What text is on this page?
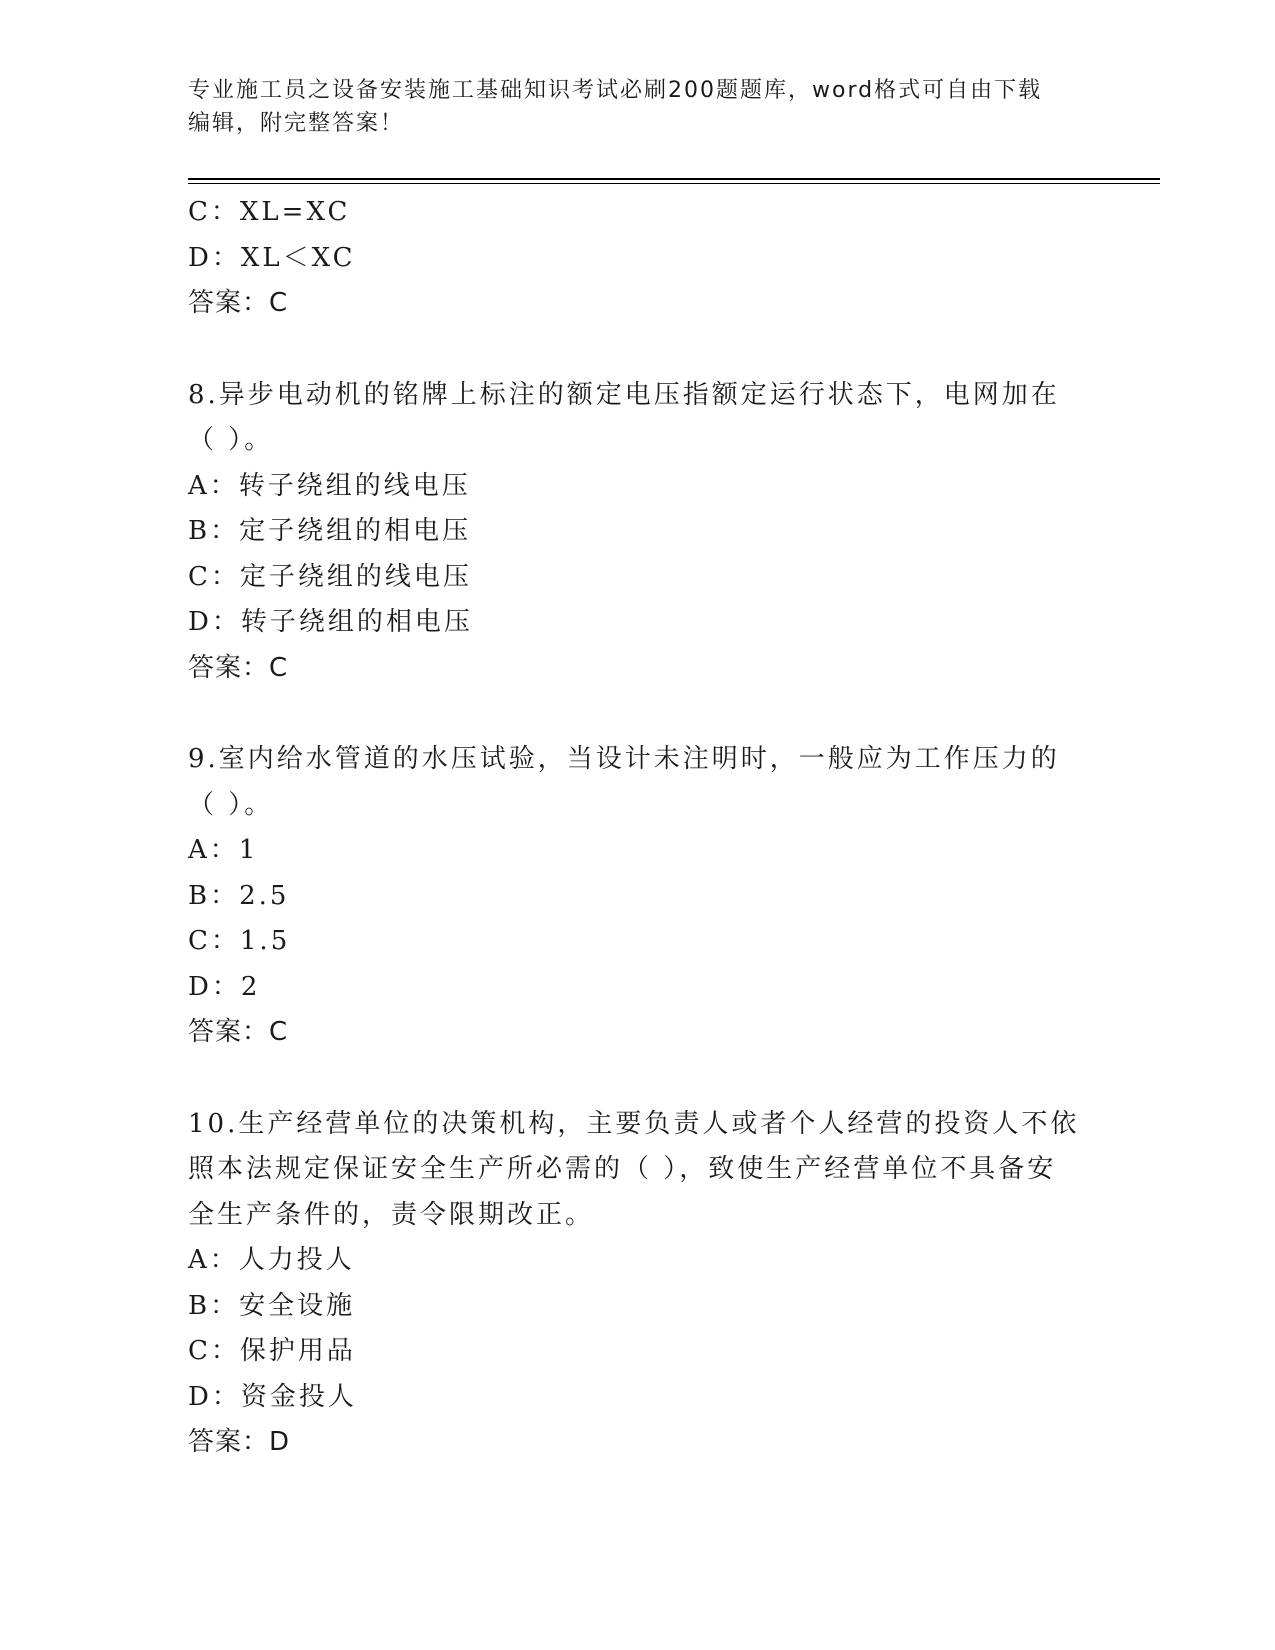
专业施工员之设备安装施工基础知识考试必刷200题题库，word格式可自由下载
编辑，附完整答案！
C：XL=XC
D：XL＜XC
答案：C
8.异步电动机的铭牌上标注的额定电压指额定运行状态下，电网加在
（ ）。
A：转子绕组的线电压
B：定子绕组的相电压
C：定子绕组的线电压
D：转子绕组的相电压
答案：C
9.室内给水管道的水压试验，当设计未注明时，一般应为工作压力的
（ ）。
A：1
B：2.5
C：1.5
D：2
答案：C
10.生产经营单位的决策机构，主要负责人或者个人经营的投资人不依
照本法规定保证安全生产所必需的（ ），致使生产经营单位不具备安
全生产条件的，责令限期改正。
A：人力投人
B：安全设施
C：保护用品
D：资金投人
答案：D
